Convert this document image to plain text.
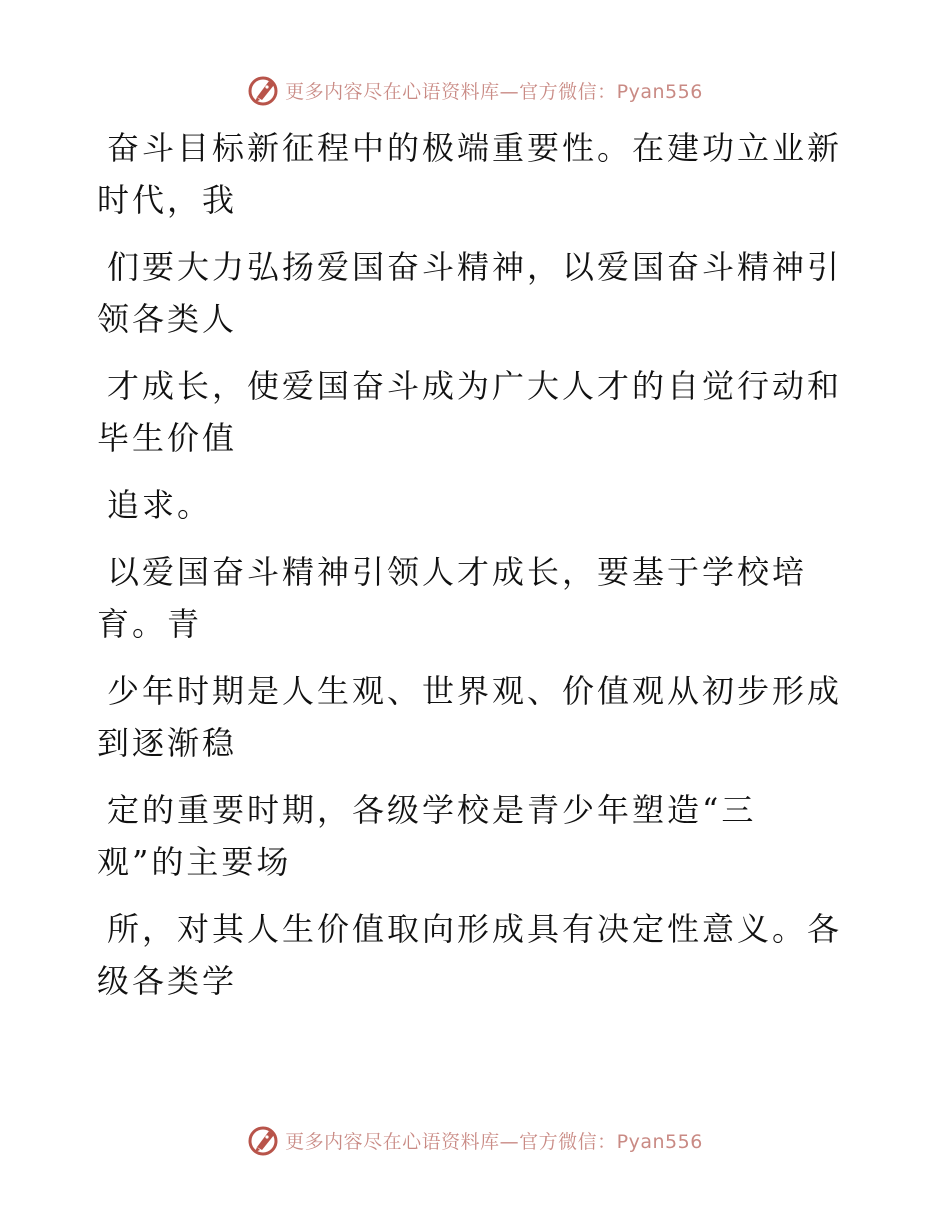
更多内容尽在心语资料库—官方微信：Pyan556

奋斗目标新征程中的极端重要性。在建功立业新
时代，我

们要大力弘扬爱国奋斗精神，以爱国奋斗精神引
领各类人

才成长，使爱国奋斗成为广大人才的自觉行动和
毕生价值

追求。

以爱国奋斗精神引领人才成长，要基于学校培
育。青

少年时期是人生观、世界观、价值观从初步形成
到逐渐稳

定的重要时期，各级学校是青少年塑造“三
观”的主要场

所，对其人生价值取向形成具有决定性意义。各
级各类学

更多内容尽在心语资料库—官方微信：Pyan556
